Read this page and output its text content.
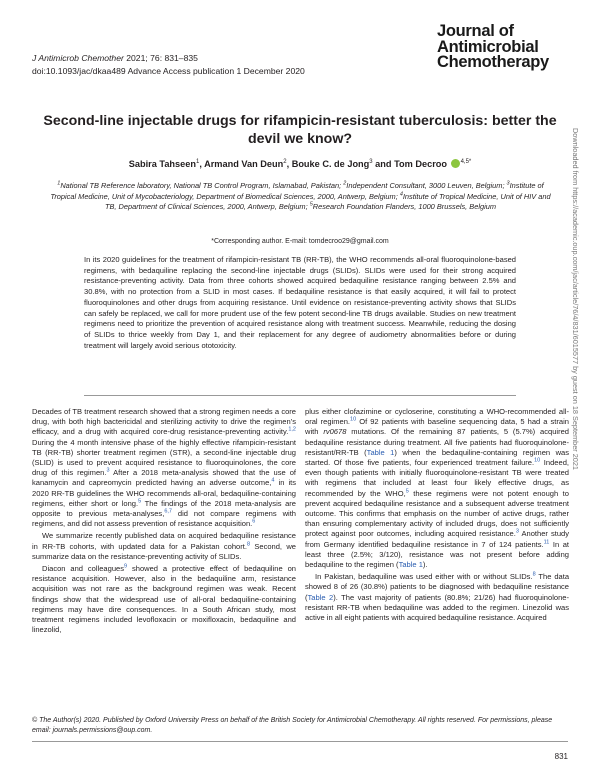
J Antimicrob Chemother 2021; 76: 831–835
doi:10.1093/jac/dkaa489 Advance Access publication 1 December 2020
Journal of
Antimicrobial
Chemotherapy
Second-line injectable drugs for rifampicin-resistant tuberculosis: better the devil we know?
Sabira Tahseen$^1$, Armand Van Deun$^2$, Bouke C. de Jong$^3$ and Tom Decroo $^{4,5*}$
$^1$National TB Reference laboratory, National TB Control Program, Islamabad, Pakistan; $^2$Independent Consultant, 3000 Leuven, Belgium; $^3$Institute of Tropical Medicine, Unit of Mycobacteriology, Department of Biomedical Sciences, 2000, Antwerp, Belgium; $^4$Institute of Tropical Medicine, Unit of HIV and TB, Department of Clinical Sciences, 2000, Antwerp, Belgium; $^5$Research Foundation Flanders, 1000 Brussels, Belgium
*Corresponding author. E-mail: tomdecroo29@gmail.com

In its 2020 guidelines for the treatment of rifampicin-resistant TB (RR-TB), the WHO recommends all-oral fluoroquinolone-based regimens, with bedaquiline replacing the second-line injectable drugs (SLIDs). SLIDs were used for their strong acquired resistance-preventing activity. Data from three cohorts showed acquired bedaquiline resistance ranging between 2.5% and 30.8%, with no protection from a SLID in most cases. If bedaquiline resistance is that easily acquired, it will fail to protect fluoroquinolones and other drugs from acquiring resistance. Until evidence on resistance-preventing activity shows that SLIDs can safely be replaced, we call for more prudent use of the few potent second-line TB drugs available. Studies on new treatment regimens need to prioritize the prevention of acquired resistance along with treatment success. Meanwhile, reducing the dosing of SLIDs to thrice weekly from Day 1, and their replacement for any degree of audiometry abnormalities before or during treatment will largely avoid serious ototoxicity.

Decades of TB treatment research showed that a strong regimen needs a core drug, with both high bactericidal and sterilizing activity to drive the regimen’s efficacy, and a drug with acquired core-drug resistance-preventing activity.$^{1,2}$ During the 4 month intensive phase of the highly effective rifampicin-resistant TB (RR-TB) shorter treatment regimen (STR), a second-line injectable drug (SLID) is used to prevent acquired resistance to fluoroquinolones, the core drug of this regimen.$^3$ After a 2018 meta-analysis showed that the use of kanamycin and capreomycin predicted having an adverse outcome,$^4$ in its 2020 RR-TB guidelines the WHO recommends all-oral, bedaquiline-containing regimens, either short or long.$^5$ The findings of the 2018 meta-analysis are opposite to previous meta-analyses,$^{6,7}$ did not compare regimens with regimens, and did not assess prevention of resistance acquisition.$^6$

We summarize recently published data on acquired bedaquiline resistance in RR-TB cohorts, with updated data for a Pakistan cohort.$^8$ Second, we summarize data on the resistance-preventing activity of SLIDs.

Diacon and colleagues$^9$ showed a protective effect of bedaquiline on resistance acquisition. However, also in the bedaquiline arm, resistance acquisition was not rare as the background regimen was weak. Recent findings show that the widespread use of all-oral bedaquiline-containing regimens may have dire consequences. In a South African study, most treatment regimens included levofloxacin or moxifloxacin, bedaquiline and linezolid,

plus either clofazimine or cycloserine, constituting a WHO-recommended all-oral regimen.$^{10}$ Of 92 patients with baseline sequencing data, 5 had a strain with rv0678 mutations. Of the remaining 87 patients, 5 (5.7%) acquired bedaquiline resistance during treatment. All five patients had fluoroquinolone-resistant/RR-TB (Table 1) when the bedaquiline-containing regimen was started. Of those five patients, four experienced treatment failure.$^{10}$ Indeed, even though patients with initially fluoroquinolone-resistant TB were treated with regimens that included at least four likely effective drugs, as recommended by the WHO,$^5$ these regimens were not potent enough to prevent acquired bedaquiline resistance and a subsequent adverse treatment outcome. This confirms that emphasis on the number of active drugs, rather than ensuring complementary activity of included drugs, does not sufficiently protect against poor outcomes, including acquired resistance.$^3$ Another study from Germany identified bedaquiline resistance in 7 of 124 patients.$^{11}$ In at least three (2.5%; 3/120), resistance was not present before adding bedaquiline to the regimen (Table 1).

In Pakistan, bedaquiline was used either with or without SLIDs.$^8$ The data showed 8 of 26 (30.8%) patients to be diagnosed with bedaquiline resistance (Table 2). The vast majority of patients (80.8%; 21/26) had fluoroquinolone-resistant RR-TB when bedaquiline was added to the regimen. Linezolid was active in all eight patients with acquired bedaquiline resistance. Acquired

© The Author(s) 2020. Published by Oxford University Press on behalf of the British Society for Antimicrobial Chemotherapy. All rights reserved. For permissions, please email: journals.permissions@oup.com.
831
Downloaded from https://academic.oup.com/jac/article/76/4/831/6015577 by guest on 18 September 2021
